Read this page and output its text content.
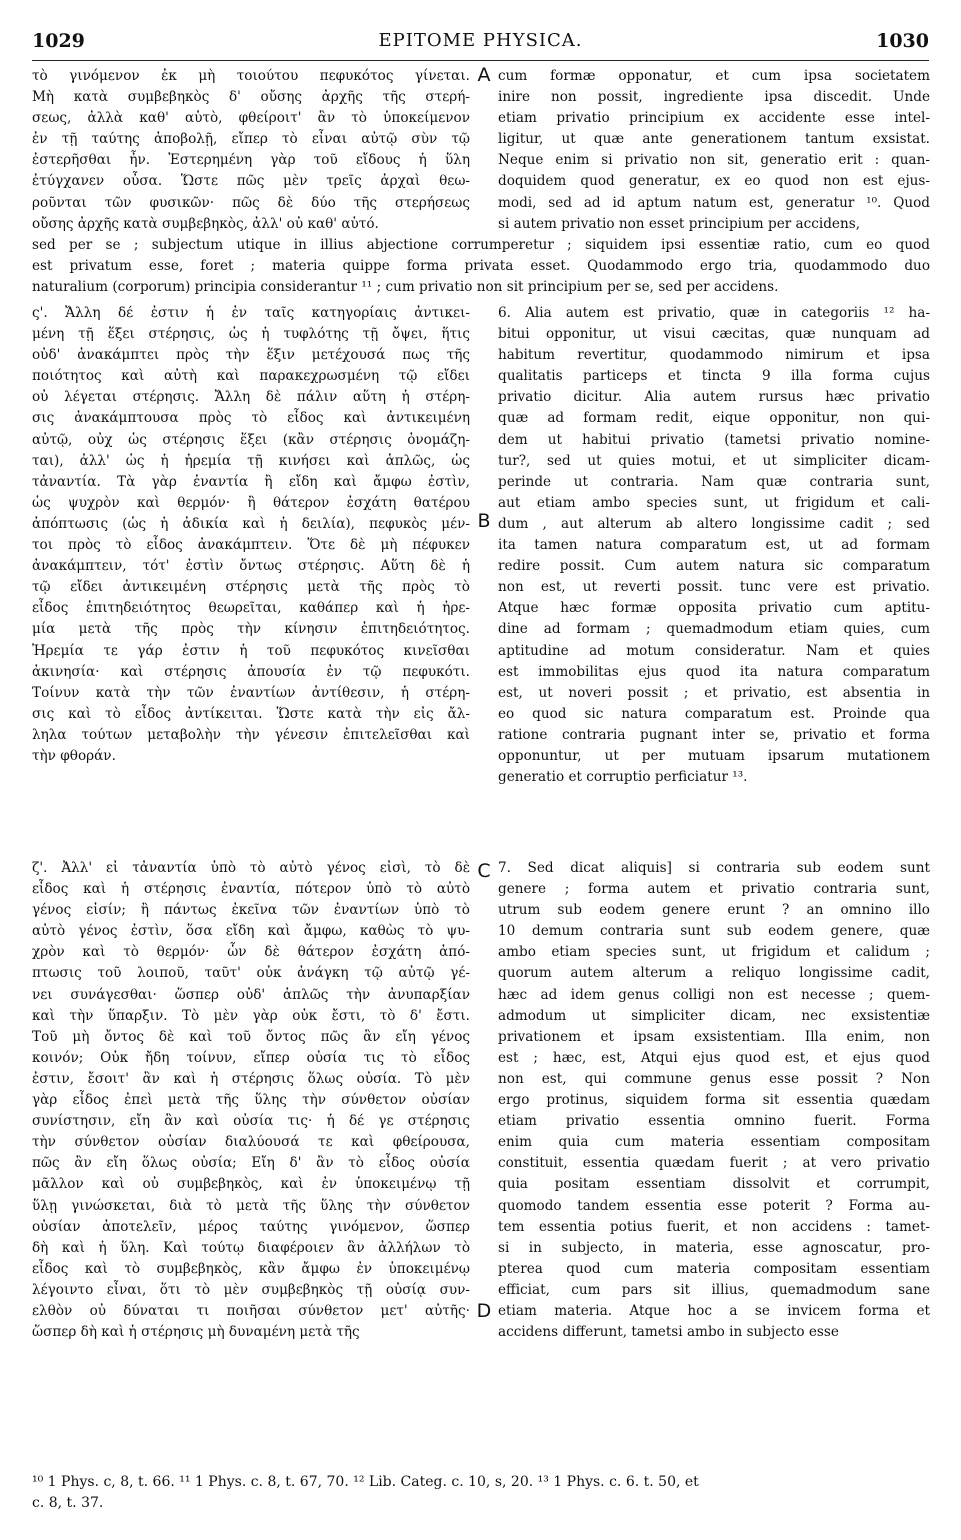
1029	EPITOME PHYSICA.	1030
A
B
C
D
τὸ γινόμενον ἐκ μὴ τοιούτου πεφυκότος γίνεται.
Μὴ κατὰ συμβεβηκὸς δ' οὔσης ἀρχῆς τῆς στερή-
σεως, ἀλλὰ καθ' αὑτὸ, φθείροιτ' ἂν τὸ ὑποκείμενον
ἐν τῇ ταύτης ἀποβολῇ, εἴπερ τὸ εἶναι αὐτῷ σὺν τῷ
ἐστερῆσθαι ἦν. Ἐστερημένη γὰρ τοῦ εἴδους ἡ ὕλη
ἐτύγχανεν οὖσα. Ὥστε πῶς μὲν τρεῖς ἀρχαὶ θεω-
ροῦνται τῶν φυσικῶν· πῶς δὲ δύο τῆς στερήσεως
οὔσης ἀρχῆς κατὰ συμβεβηκὸς, ἀλλ' οὐ καθ' αὑτό.
cum formæ opponatur, et cum ipsa societatem
inire non possit, ingrediente ipsa discedit. Unde
etiam privatio principium ex accidente esse intel-
ligitur, ut quæ ante generationem tantum exsistat.
Neque enim si privatio non sit, generatio erit : quan-
doquidem quod generatur, ex eo quod non est ejus-
modi, sed ad id aptum natum est, generatur ¹⁰. Quod
si autem privatio non esset principium per accidens,
sed per se ; subjectum utique in illius abjectione corrumperetur ; siquidem ipsi essentiæ ratio, cum eo quod
est privatum esse, foret ; materia quippe forma privata esset. Quodammodo ergo tria, quodammodo duo
naturalium (corporum) principia considerantur ¹¹ ; cum privatio non sit principium per se, sed per accidens.
ς'. Ἄλλη δέ ἐστιν ἡ ἐν ταῖς κατηγορίαις ἀντικει-
μένη τῇ ἕξει στέρησις, ὡς ἡ τυφλότης τῇ ὄψει, ἥτις
οὐδ' ἀνακάμπτει πρὸς τὴν ἕξιν μετέχουσά πως τῆς
ποιότητος καὶ αὐτὴ καὶ παρακεχρωσμένη τῷ εἴδει
οὐ λέγεται στέρησις. Ἄλλη δὲ πάλιν αὕτη ἡ στέρη-
σις ἀνακάμπτουσα πρὸς τὸ εἶδος καὶ ἀντικειμένη
αὐτῷ, οὐχ ὡς στέρησις ἕξει (κἂν στέρησις ὀνομάζη-
ται), ἀλλ' ὡς ἡ ἠρεμία τῇ κινήσει καὶ ἁπλῶς, ὡς
τἀναντία. Τὰ γὰρ ἐναντία ἢ εἴδη καὶ ἄμφω ἐστὶν,
ὡς ψυχρὸν καὶ θερμόν· ἢ θάτερον ἐσχάτη θατέρου
ἀπόπτωσις (ὡς ἡ ἀδικία καὶ ἡ δειλία), πεφυκὸς μέν-
τοι πρὸς τὸ εἶδος ἀνακάμπτειν. Ὅτε δὲ μὴ πέφυκεν
ἀνακάμπτειν, τότ' ἐστὶν ὄντως στέρησις. Αὕτη δὲ ἡ
τῷ εἴδει ἀντικειμένη στέρησις μετὰ τῆς πρὸς τὸ
εἶδος ἐπιτηδειότητος θεωρεῖται, καθάπερ καὶ ἡ ἠρε-
μία μετὰ τῆς πρὸς τὴν κίνησιν ἐπιτηδειότητος.
Ἠρεμία τε γάρ ἐστιν ἡ τοῦ πεφυκότος κινεῖσθαι
ἀκινησία· καὶ στέρησις ἀπουσία ἐν τῷ πεφυκότι.
Τοίνυν κατὰ τὴν τῶν ἐναντίων ἀντίθεσιν, ἡ στέρη-
σις καὶ τὸ εἶδος ἀντίκειται. Ὥστε κατὰ τὴν εἰς ἄλ-
ληλα τούτων μεταβολὴν τὴν γένεσιν ἐπιτελεῖσθαι καὶ
τὴν φθοράν.
6. Alia autem est privatio, quæ in categoriis ¹² ha-
bitui opponitur, ut visui cæcitas, quæ nunquam ad
habitum revertitur, quodammodo nimirum et ipsa
qualitatis particeps et tincta 9 illa forma cujus
privatio dicitur. Alia autem rursus hæc privatio
quæ ad formam redit, eique opponitur, non qui-
dem ut habitui privatio (tametsi privatio nomine-
tur?, sed ut quies motui, et ut simpliciter dicam-
perinde ut contraria. Nam quæ contraria sunt,
aut etiam ambo species sunt, ut frigidum et cali-
dum , aut alterum ab altero longissime cadit ; sed
ita tamen natura comparatum est, ut ad formam
redire possit. Cum autem natura sic comparatum
non est, ut reverti possit. tunc vere est privatio.
Atque hæc formæ opposita privatio cum aptitu-
dine ad formam ; quemadmodum etiam quies, cum
aptitudine ad motum consideratur. Nam et quies
est immobilitas ejus quod ita natura comparatum
est, ut noveri possit ; et privatio, est absentia in
eo quod sic natura comparatum est. Proinde qua
ratione contraria pugnant inter se, privatio et forma
opponuntur, ut per mutuam ipsarum mutationem
generatio et corruptio perficiatur ¹³.
ζ'. Ἀλλ' εἰ τἀναντία ὑπὸ τὸ αὐτὸ γένος εἰσὶ, τὸ δὲ
εἶδος καὶ ἡ στέρησις ἐναντία, πότερον ὑπὸ τὸ αὐτὸ
γένος εἰσίν; ἢ πάντως ἐκεῖνα τῶν ἐναντίων ὑπὸ τὸ
αὐτὸ γένος ἐστὶν, ὅσα εἴδη καὶ ἄμφω, καθὼς τὸ ψυ-
χρὸν καὶ τὸ θερμόν· ὧν δὲ θάτερον ἐσχάτη ἀπό-
πτωσις τοῦ λοιποῦ, ταῦτ' οὐκ ἀνάγκη τῷ αὐτῷ γέ-
νει συνάγεσθαι· ὥσπερ οὐδ' ἁπλῶς τὴν ἀνυπαρξίαν
καὶ τὴν ὕπαρξιν. Τὸ μὲν γὰρ οὐκ ἔστι, τὸ δ' ἔστι.
Τοῦ μὴ ὄντος δὲ καὶ τοῦ ὄντος πῶς ἂν εἴη γένος
κοινόν; Οὐκ ἤδη τοίνυν, εἴπερ οὐσία τις τὸ εἶδος
ἐστιν, ἔσοιτ' ἂν καὶ ἡ στέρησις ὅλως οὐσία. Τὸ μὲν
γὰρ εἶδος ἐπεὶ μετὰ τῆς ὕλης τὴν σύνθετον οὐσίαν
συνίστησιν, εἴη ἂν καὶ οὐσία τις· ἡ δέ γε στέρησις
τὴν σύνθετον οὐσίαν διαλύουσά τε καὶ φθείρουσα,
πῶς ἂν εἴη ὅλως οὐσία; Εἴη δ' ἂν τὸ εἶδος οὐσία
μᾶλλον καὶ οὐ συμβεβηκὸς, καὶ ἐν ὑποκειμένῳ τῇ
ὕλῃ γινώσκεται, διὰ τὸ μετὰ τῆς ὕλης τὴν σύνθετον
οὐσίαν ἀποτελεῖν, μέρος ταύτης γινόμενον, ὥσπερ
δὴ καὶ ἡ ὕλη. Καὶ τούτῳ διαφέροιεν ἂν ἀλλήλων τὸ
εἶδος καὶ τὸ συμβεβηκὸς, κἂν ἄμφω ἐν ὑποκειμένῳ
λέγοιντο εἶναι, ὅτι τὸ μὲν συμβεβηκὸς τῇ οὐσίᾳ συν-
ελθὸν οὐ δύναται τι ποιῆσαι σύνθετον μετ' αὐτῆς·
ὥσπερ δὴ καὶ ἡ στέρησις μὴ δυναμένη μετὰ τῆς
7. Sed dicat aliquis] si contraria sub eodem sunt
genere ; forma autem et privatio contraria sunt,
utrum sub eodem genere erunt ? an omnino illo
10 demum contraria sunt sub eodem genere, quæ
ambo etiam species sunt, ut frigidum et calidum ;
quorum autem alterum a reliquo longissime cadit,
hæc ad idem genus colligi non est necesse ; quem-
admodum ut simpliciter dicam, nec exsistentiæ
privationem et ipsam exsistentiam. Illa enim, non
est ; hæc, est, Atqui ejus quod est, et ejus quod
non est, qui commune genus esse possit ? Non
ergo protinus, siquidem forma sit essentia quædam
etiam privatio essentia omnino fuerit. Forma
enim quia cum materia essentiam compositam
constituit, essentia quædam fuerit ; at vero privatio
quia positam essentiam dissolvit et corrumpit,
quomodo tandem essentia esse poterit ? Forma au-
tem essentia potius fuerit, et non accidens : tamet-
si in subjecto, in materia, esse agnoscatur, pro-
pterea quod cum materia compositam essentiam
efficiat, cum pars sit illius, quemadmodum sane
etiam materia. Atque hoc a se invicem forma et
accidens differunt, tametsi ambo in subjecto esse
¹⁰ 1 Phys. c, 8, t. 66. ¹¹ 1 Phys. c. 8, t. 67, 70. ¹² Lib. Categ. c. 10, s, 20. ¹³ 1 Phys. c. 6. t. 50, et
c. 8, t. 37.
